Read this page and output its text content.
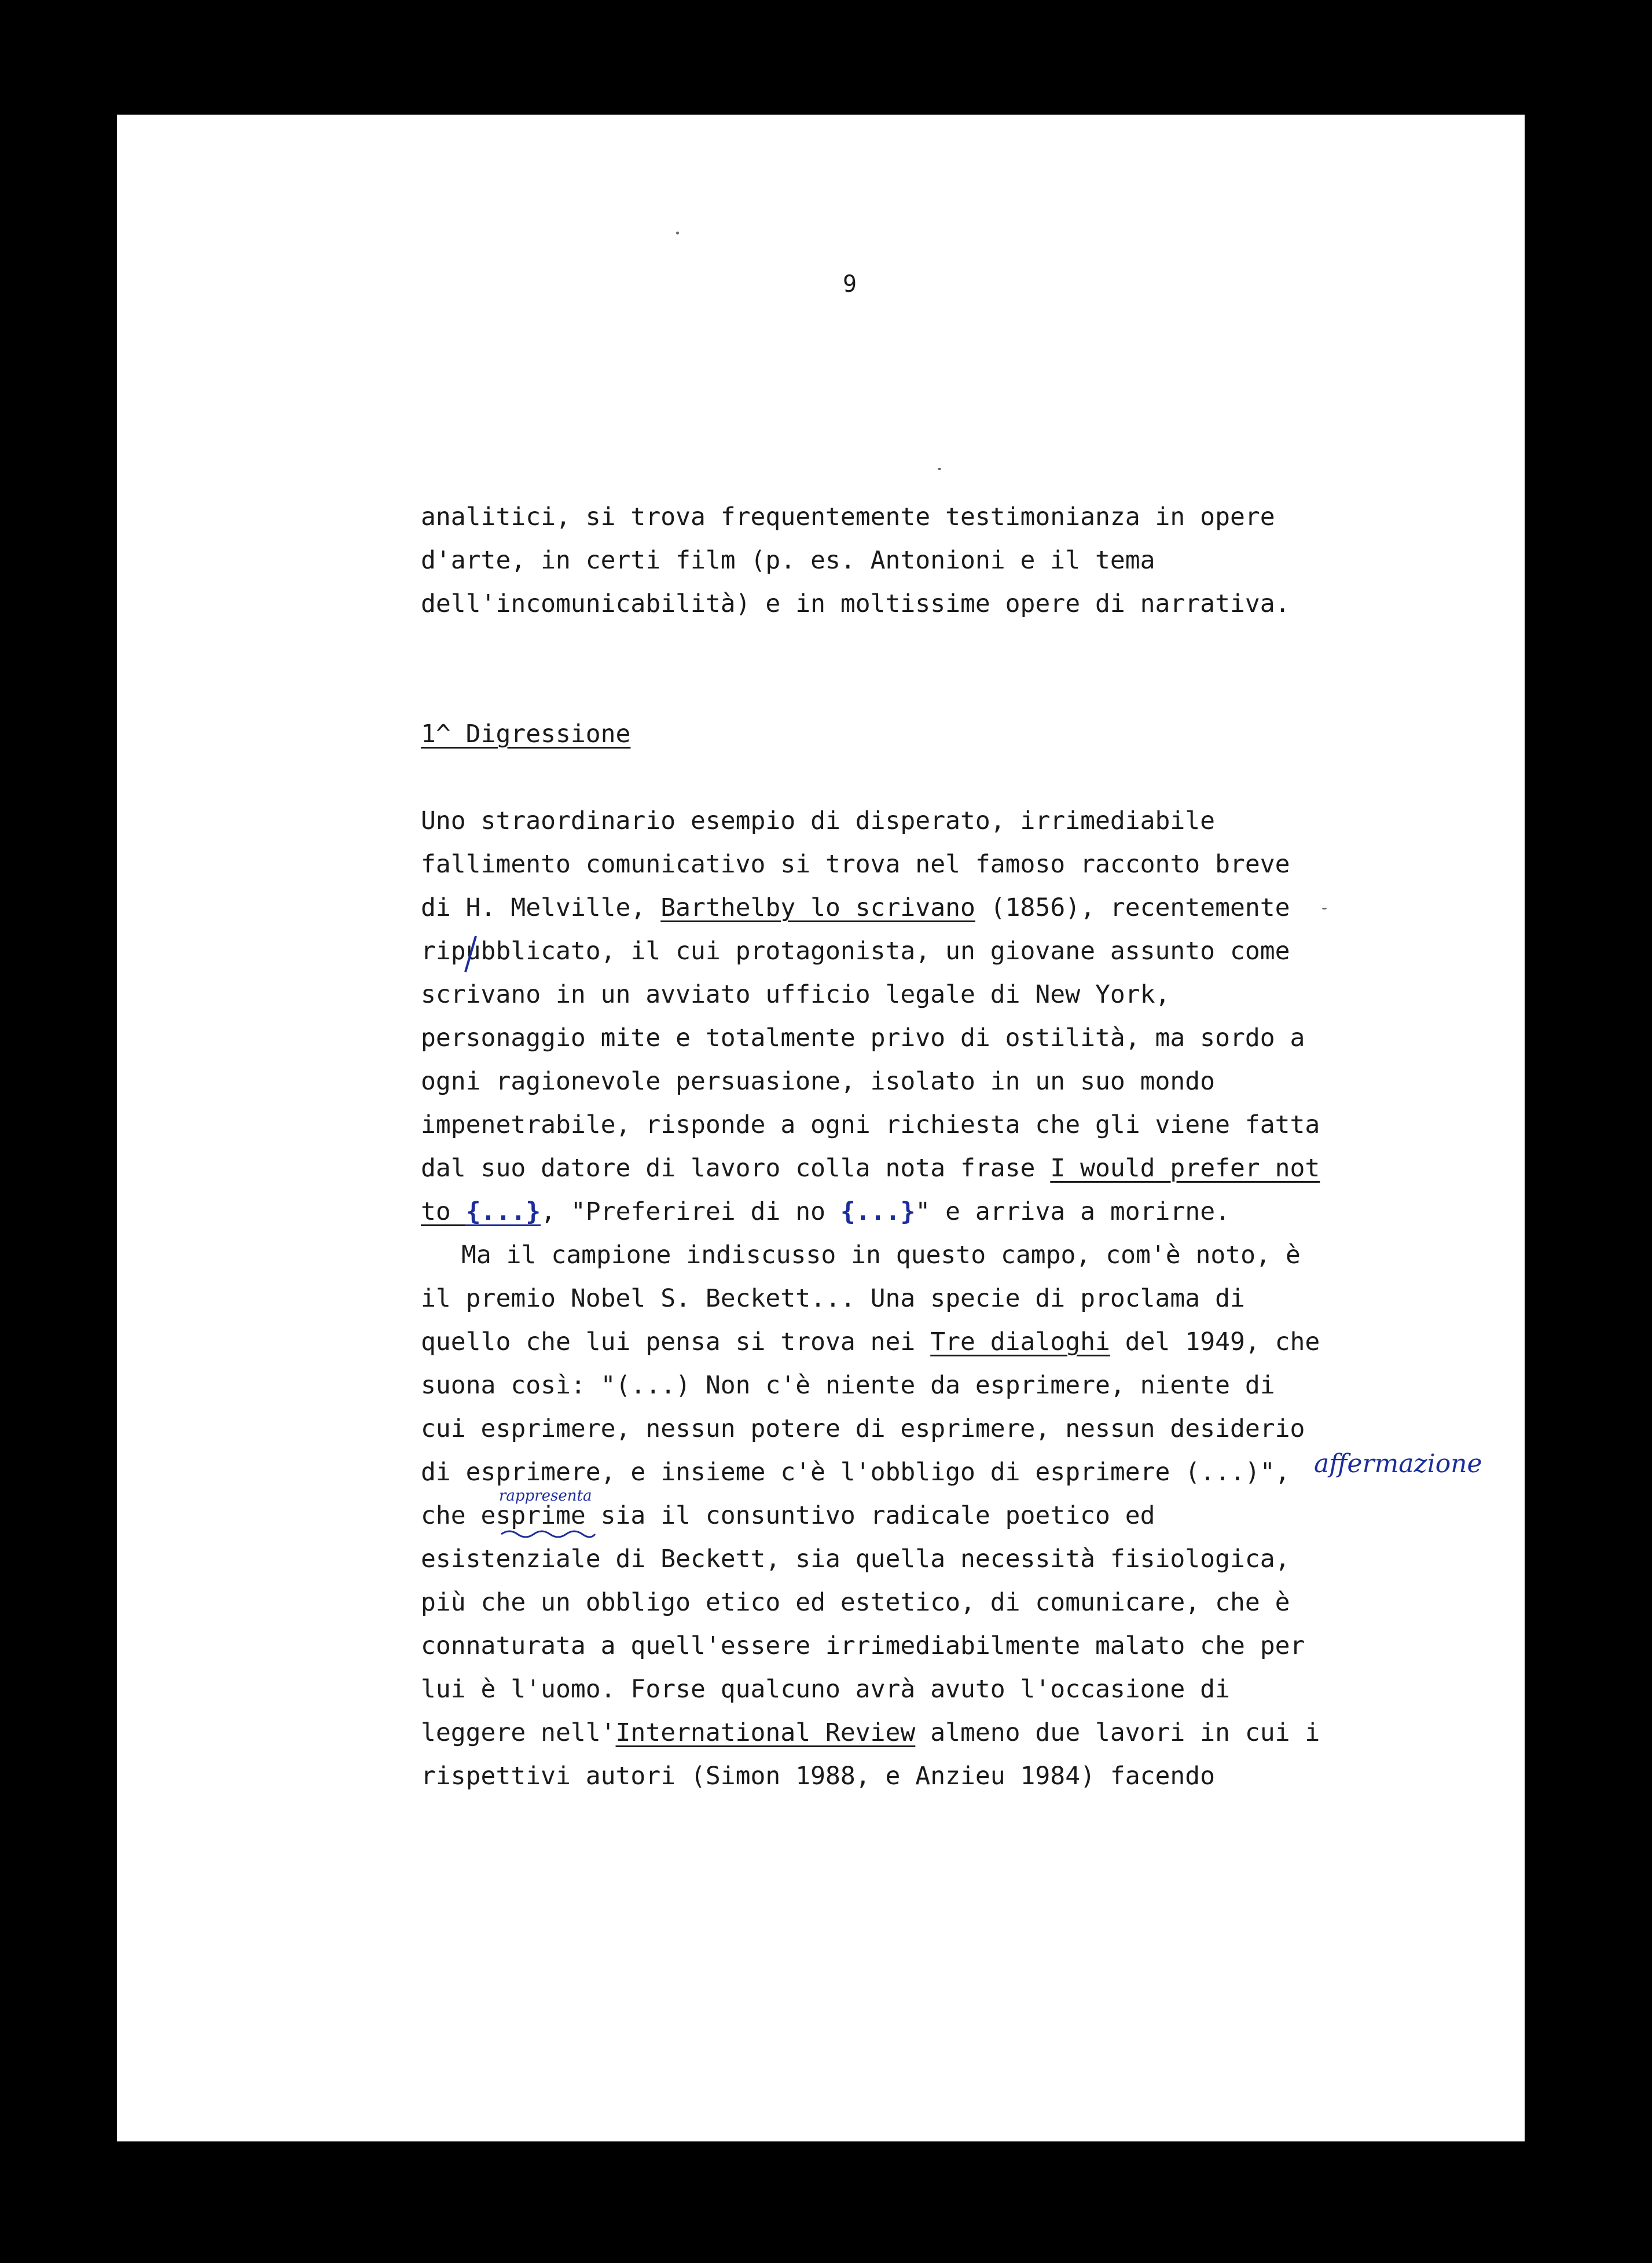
9
analitici, si trova frequentemente testimonianza in opere
d'arte, in certi film (p. es. Antonioni e il tema
dell'incomunicabilità) e in moltissime opere di narrativa.
1^ Digressione
Uno straordinario esempio di disperato, irrimediabile
fallimento comunicativo si trova nel famoso racconto breve
di H. Melville, Barthelby lo scrivano (1856), recentemente
ripubblicato, il cui protagonista, un giovane assunto come
scrivano in un avviato ufficio legale di New York,
personaggio mite e totalmente privo di ostilità, ma sordo a
ogni ragionevole persuasione, isolato in un suo mondo
impenetrabile, risponde a ogni richiesta che gli viene fatta
dal suo datore di lavoro colla nota frase I would prefer not
to {...}, "Preferirei di no {...}" e arriva a morirne.
Ma il campione indiscusso in questo campo, com'è noto, è
il premio Nobel S. Beckett... Una specie di proclama di
quello che lui pensa si trova nei Tre dialoghi del 1949, che
suona così: "(...) Non c'è niente da esprimere, niente di
cui esprimere, nessun potere di esprimere, nessun desiderio
di esprimere, e insieme c'è l'obbligo di esprimere (...)",
che esprime sia il consuntivo radicale poetico ed
esistenziale di Beckett, sia quella necessità fisiologica,
più che un obbligo etico ed estetico, di comunicare, che è
connaturata a quell'essere irrimediabilmente malato che per
lui è l'uomo. Forse qualcuno avrà avuto l'occasione di
leggere nell'International Review almeno due lavori in cui i
rispettivi autori (Simon 1988, e Anzieu 1984) facendo
rappresenta
affermazione
